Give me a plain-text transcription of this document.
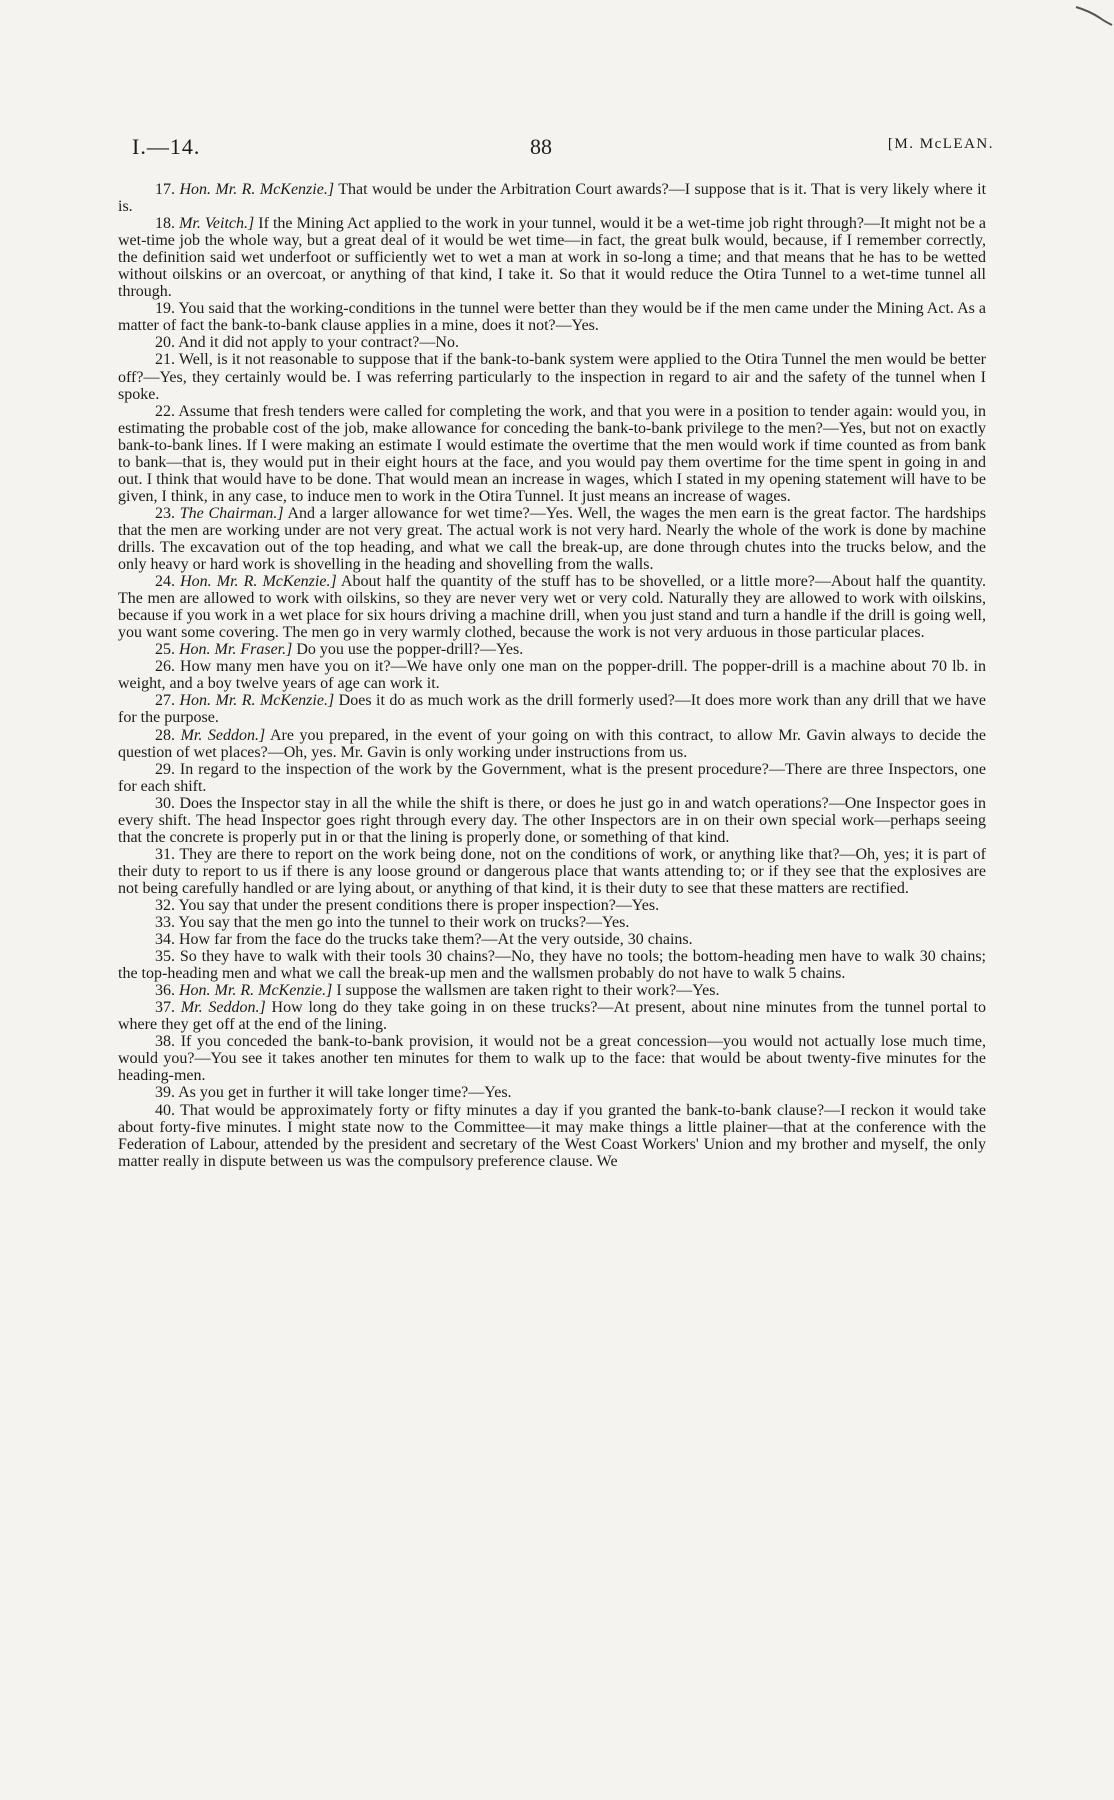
I.—14.	88	[M. McLEAN.

17. Hon. Mr. R. McKenzie.] That would be under the Arbitration Court awards?—I suppose that is it. That is very likely where it is.

18. Mr. Veitch.] If the Mining Act applied to the work in your tunnel, would it be a wet-time job right through?—It might not be a wet-time job the whole way, but a great deal of it would be wet time—in fact, the great bulk would, because, if I remember correctly, the definition said wet underfoot or sufficiently wet to wet a man at work in so-long a time; and that means that he has to be wetted without oilskins or an overcoat, or anything of that kind, I take it. So that it would reduce the Otira Tunnel to a wet-time tunnel all through.

19. You said that the working-conditions in the tunnel were better than they would be if the men came under the Mining Act. As a matter of fact the bank-to-bank clause applies in a mine, does it not?—Yes.

20. And it did not apply to your contract?—No.

21. Well, is it not reasonable to suppose that if the bank-to-bank system were applied to the Otira Tunnel the men would be better off?—Yes, they certainly would be. I was referring particularly to the inspection in regard to air and the safety of the tunnel when I spoke.

22. Assume that fresh tenders were called for completing the work, and that you were in a position to tender again: would you, in estimating the probable cost of the job, make allowance for conceding the bank-to-bank privilege to the men?—Yes, but not on exactly bank-to-bank lines. If I were making an estimate I would estimate the overtime that the men would work if time counted as from bank to bank—that is, they would put in their eight hours at the face, and you would pay them overtime for the time spent in going in and out. I think that would have to be done. That would mean an increase in wages, which I stated in my opening statement will have to be given, I think, in any case, to induce men to work in the Otira Tunnel. It just means an increase of wages.

23. The Chairman.] And a larger allowance for wet time?—Yes. Well, the wages the men earn is the great factor. The hardships that the men are working under are not very great. The actual work is not very hard. Nearly the whole of the work is done by machine drills. The excavation out of the top heading, and what we call the break-up, are done through chutes into the trucks below, and the only heavy or hard work is shovelling in the heading and shovelling from the walls.

24. Hon. Mr. R. McKenzie.] About half the quantity of the stuff has to be shovelled, or a little more?—About half the quantity. The men are allowed to work with oilskins, so they are never very wet or very cold. Naturally they are allowed to work with oilskins, because if you work in a wet place for six hours driving a machine drill, when you just stand and turn a handle if the drill is going well, you want some covering. The men go in very warmly clothed, because the work is not very arduous in those particular places.

25. Hon. Mr. Fraser.] Do you use the popper-drill?—Yes.

26. How many men have you on it?—We have only one man on the popper-drill. The popper-drill is a machine about 70 lb. in weight, and a boy twelve years of age can work it.

27. Hon. Mr. R. McKenzie.] Does it do as much work as the drill formerly used?—It does more work than any drill that we have for the purpose.

28. Mr. Seddon.] Are you prepared, in the event of your going on with this contract, to allow Mr. Gavin always to decide the question of wet places?—Oh, yes. Mr. Gavin is only working under instructions from us.

29. In regard to the inspection of the work by the Government, what is the present procedure?—There are three Inspectors, one for each shift.

30. Does the Inspector stay in all the while the shift is there, or does he just go in and watch operations?—One Inspector goes in every shift. The head Inspector goes right through every day. The other Inspectors are in on their own special work—perhaps seeing that the concrete is properly put in or that the lining is properly done, or something of that kind.

31. They are there to report on the work being done, not on the conditions of work, or anything like that?—Oh, yes; it is part of their duty to report to us if there is any loose ground or dangerous place that wants attending to; or if they see that the explosives are not being carefully handled or are lying about, or anything of that kind, it is their duty to see that these matters are rectified.

32. You say that under the present conditions there is proper inspection?—Yes.

33. You say that the men go into the tunnel to their work on trucks?—Yes.

34. How far from the face do the trucks take them?—At the very outside, 30 chains.

35. So they have to walk with their tools 30 chains?—No, they have no tools; the bottom-heading men have to walk 30 chains; the top-heading men and what we call the break-up men and the wallsmen probably do not have to walk 5 chains.

36. Hon. Mr. R. McKenzie.] I suppose the wallsmen are taken right to their work?—Yes.

37. Mr. Seddon.] How long do they take going in on these trucks?—At present, about nine minutes from the tunnel portal to where they get off at the end of the lining.

38. If you conceded the bank-to-bank provision, it would not be a great concession—you would not actually lose much time, would you?—You see it takes another ten minutes for them to walk up to the face: that would be about twenty-five minutes for the heading-men.

39. As you get in further it will take longer time?—Yes.

40. That would be approximately forty or fifty minutes a day if you granted the bank-to-bank clause?—I reckon it would take about forty-five minutes. I might state now to the Committee—it may make things a little plainer—that at the conference with the Federation of Labour, attended by the president and secretary of the West Coast Workers' Union and my brother and myself, the only matter really in dispute between us was the compulsory preference clause. We
